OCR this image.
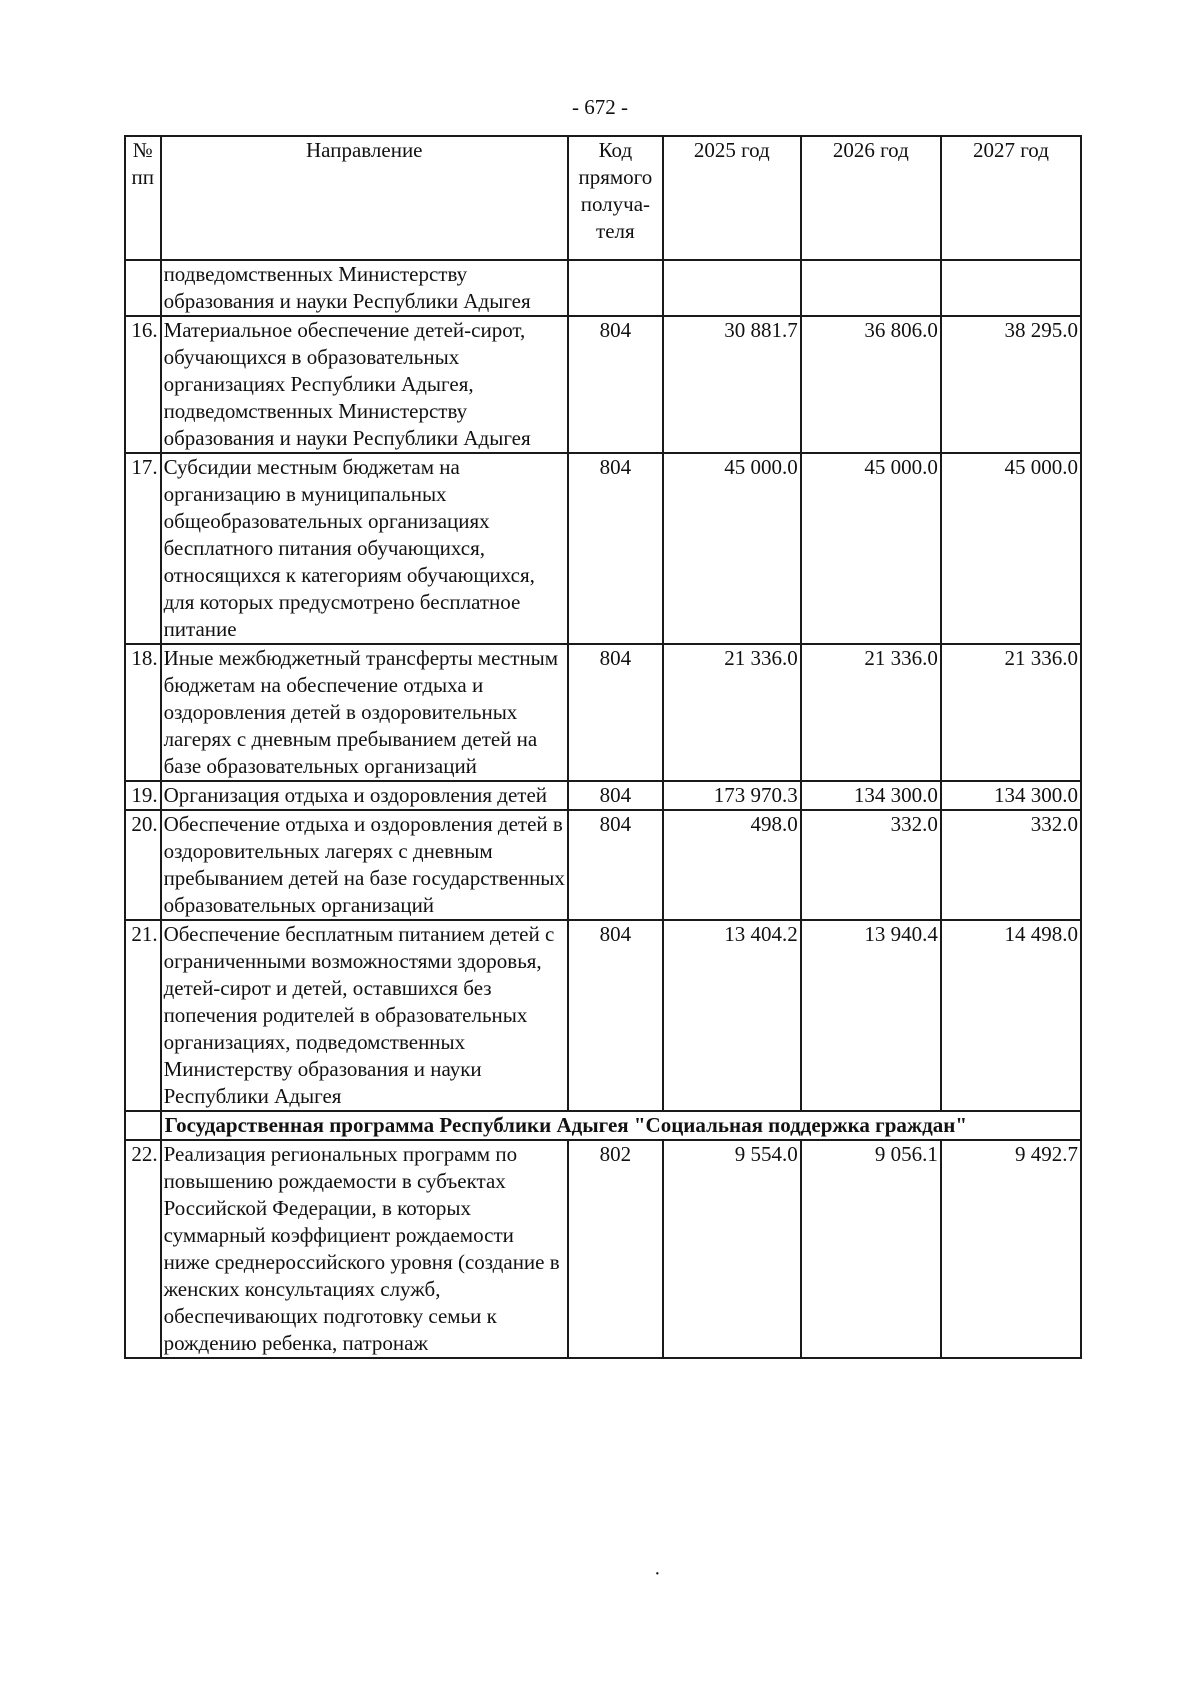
- 672 -
№ пп	Направление	Код прямого получа-теля	2025 год	2026 год	2027 год
	подведомственных Министерству образования и науки Республики Адыгея				
16.	Материальное обеспечение детей-сирот, обучающихся в образовательных организациях Республики Адыгея, подведомственных Министерству образования и науки Республики Адыгея	804	30 881.7	36 806.0	38 295.0
17.	Субсидии местным бюджетам на организацию в муниципальных общеобразовательных организациях бесплатного питания обучающихся, относящихся к категориям обучающихся, для которых предусмотрено бесплатное питание	804	45 000.0	45 000.0	45 000.0
18.	Иные межбюджетный трансферты местным бюджетам на обеспечение отдыха и оздоровления детей в оздоровительных лагерях с дневным пребыванием детей на базе образовательных организаций	804	21 336.0	21 336.0	21 336.0
19.	Организация отдыха и оздоровления детей	804	173 970.3	134 300.0	134 300.0
20.	Обеспечение отдыха и оздоровления детей в оздоровительных лагерях с дневным пребыванием детей на базе государственных образовательных организаций	804	498.0	332.0	332.0
21.	Обеспечение бесплатным питанием детей с ограниченными возможностями здоровья, детей-сирот и детей, оставшихся без попечения родителей в образовательных организациях, подведомственных Министерству образования и науки Республики Адыгея	804	13 404.2	13 940.4	14 498.0
	Государственная программа Республики Адыгея "Социальная поддержка граждан"				
22.	Реализация региональных программ по повышению рождаемости в субъектах Российской Федерации, в которых суммарный коэффициент рождаемости ниже среднероссийского уровня (создание в женских консультациях служб, обеспечивающих подготовку семьи к рождению ребенка, патронаж	802	9 554.0	9 056.1	9 492.7
·
